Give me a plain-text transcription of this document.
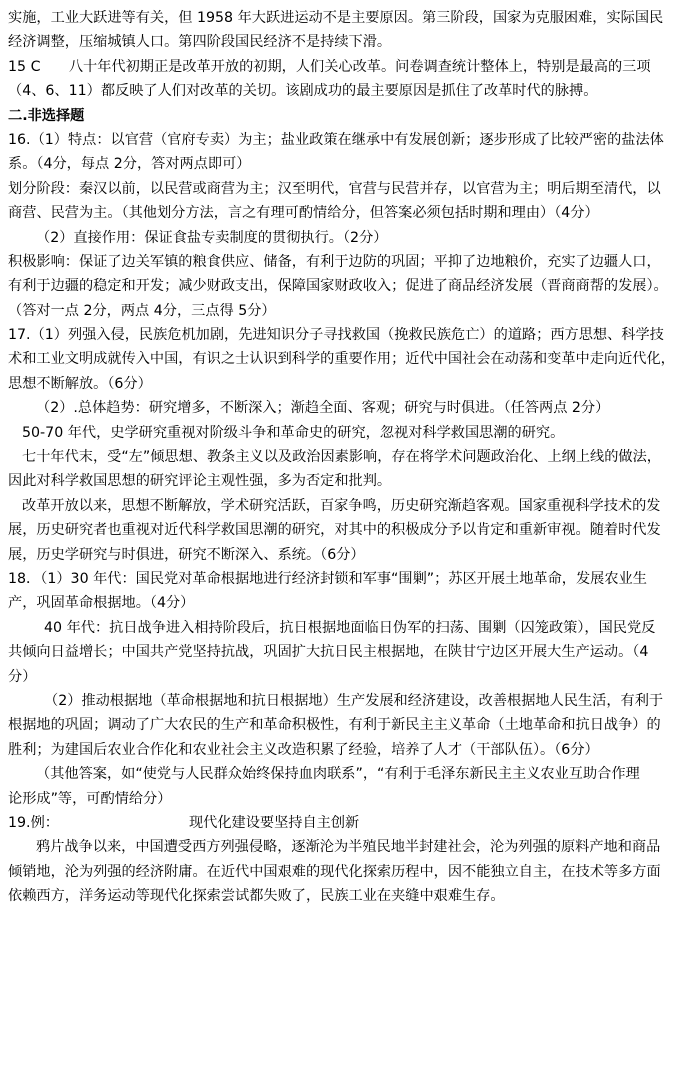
实施，工业大跃进等有关，但 1958 年大跃进运动不是主要原因。第三阶段，国家为克服困难，实际国民
经济调整，压缩城镇人口。第四阶段国民经济不是持续下滑。
15 C　　八十年代初期正是改革开放的初期，人们关心改革。问卷调查统计整体上，特别是最高的三项
（4、6、11）都反映了人们对改革的关切。该剧成功的最主要原因是抓住了改革时代的脉搏。
二.非选择题
16.（1）特点：以官营（官府专卖）为主；盐业政策在继承中有发展创新；逐步形成了比较严密的盐法体
系。（4分，每点 2分，答对两点即可）
划分阶段：秦汉以前，以民营或商营为主；汉至明代，官营与民营并存，以官营为主；明后期至清代，以
商营、民营为主。（其他划分方法，言之有理可酌情给分，但答案必须包括时期和理由）（4分）
（2）直接作用：保证食盐专卖制度的贯彻执行。（2分）
积极影响：保证了边关军镇的粮食供应、储备，有利于边防的巩固；平抑了边地粮价，充实了边疆人口，
有利于边疆的稳定和开发；减少财政支出，保障国家财政收入；促进了商品经济发展（晋商商帮的发展）。
（答对一点 2分，两点 4分，三点得 5分）
17.（1）列强入侵，民族危机加剧，先进知识分子寻找救国（挽救民族危亡）的道路；西方思想、科学技
术和工业文明成就传入中国，有识之士认识到科学的重要作用；近代中国社会在动荡和变革中走向近代化，
思想不断解放。（6分）
（2）.总体趋势：研究增多，不断深入；渐趋全面、客观；研究与时俱进。（任答两点 2分）
50-70 年代，史学研究重视对阶级斗争和革命史的研究，忽视对科学救国思潮的研究。
七十年代末，受“左”倾思想、教条主义以及政治因素影响，存在将学术问题政治化、上纲上线的做法，
因此对科学救国思想的研究评论主观性强，多为否定和批判。
改革开放以来，思想不断解放，学术研究活跃，百家争鸣，历史研究渐趋客观。国家重视科学技术的发
展，历史研究者也重视对近代科学救国思潮的研究，对其中的积极成分予以肯定和重新审视。随着时代发
展，历史学研究与时俱进，研究不断深入、系统。（6分）
18．（1）30 年代：国民党对革命根据地进行经济封锁和军事“围剿”；苏区开展土地革命，发展农业生
产，巩固革命根据地。（4分）
40 年代：抗日战争进入相持阶段后，抗日根据地面临日伪军的扫荡、围剿（囚笼政策），国民党反
共倾向日益增长；中国共产党坚持抗战，巩固扩大抗日民主根据地，在陕甘宁边区开展大生产运动。（4
分）
（2）推动根据地（革命根据地和抗日根据地）生产发展和经济建设，改善根据地人民生活，有利于
根据地的巩固；调动了广大农民的生产和革命积极性，有利于新民主主义革命（土地革命和抗日战争）的
胜利；为建国后农业合作化和农业社会主义改造积累了经验，培养了人才（干部队伍）。（6分）
（其他答案，如“使党与人民群众始终保持血肉联系”，“有利于毛泽东新民主主义农业互助合作理
论形成”等，可酌情给分）
19.例：	现代化建设要坚持自主创新
鸦片战争以来，中国遭受西方列强侵略，逐渐沦为半殖民地半封建社会，沦为列强的原料产地和商品
倾销地，沦为列强的经济附庸。在近代中国艰难的现代化探索历程中，因不能独立自主，在技术等多方面
依赖西方，洋务运动等现代化探索尝试都失败了，民族工业在夹缝中艰难生存。
